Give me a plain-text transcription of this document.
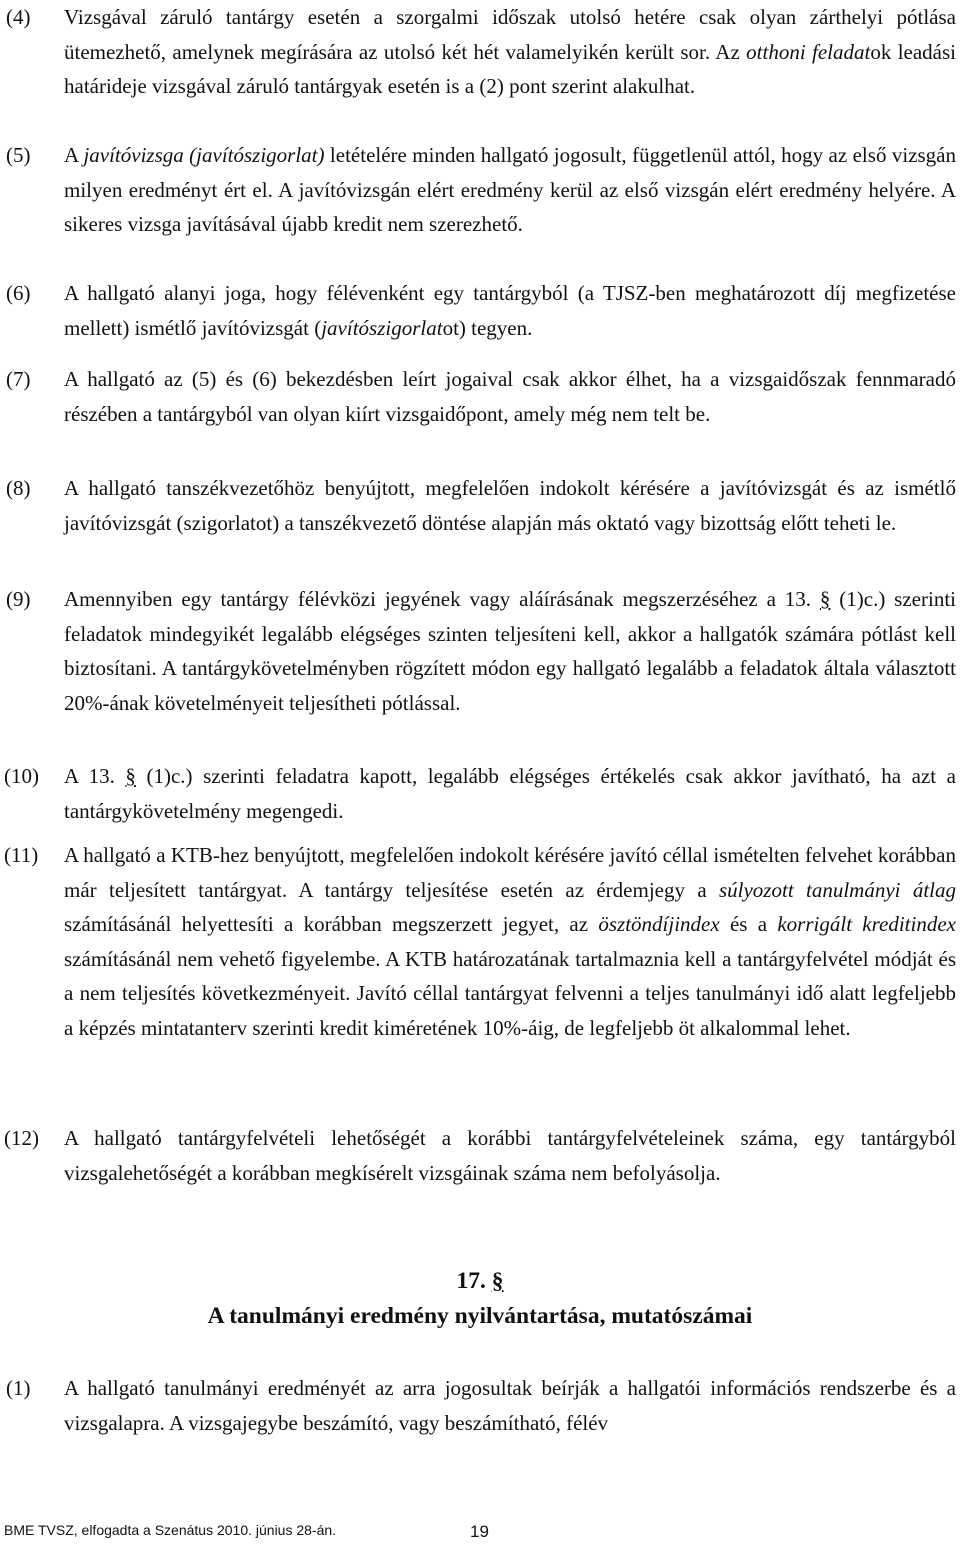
(4) Vizsgával záruló tantárgy esetén a szorgalmi időszak utolsó hetére csak olyan zárthelyi pótlása ütemezhető, amelynek megírására az utolsó két hét valamelyikén került sor. Az otthoni feladatok leadási határideje vizsgával záruló tantárgyak esetén is a (2) pont szerint alakulhat.
(5) A javítóvizsga (javítószigorlat) letételére minden hallgató jogosult, függetlenül attól, hogy az első vizsgán milyen eredményt ért el. A javítóvizsgán elért eredmény kerül az első vizsgán elért eredmény helyére. A sikeres vizsga javításával újabb kredit nem szerezhető.
(6) A hallgató alanyi joga, hogy félévenként egy tantárgyból (a TJSZ-ben meghatározott díj megfizetése mellett) ismétlő javítóvizsgát (javítószigorlatot) tegyen.
(7) A hallgató az (5) és (6) bekezdésben leírt jogaival csak akkor élhet, ha a vizsgaidőszak fennmaradó részében a tantárgyból van olyan kiírt vizsgaidőpont, amely még nem telt be.
(8) A hallgató tanszékvezetőhöz benyújtott, megfelelően indokolt kérésére a javítóvizsgát és az ismétlő javítóvizsgát (szigorlatot) a tanszékvezető döntése alapján más oktató vagy bizottság előtt teheti le.
(9) Amennyiben egy tantárgy félévközi jegyének vagy aláírásának megszerzéséhez a 13. § (1)c.) szerinti feladatok mindegyikét legalább elégséges szinten teljesíteni kell, akkor a hallgatók számára pótlást kell biztosítani. A tantárgykövetelményben rögzített módon egy hallgató legalább a feladatok általa választott 20%-ának követelményeit teljesítheti pótlással.
(10) A 13. § (1)c.) szerinti feladatra kapott, legalább elégséges értékelés csak akkor javítható, ha azt a tantárgykövetelmény megengedi.
(11) A hallgató a KTB-hez benyújtott, megfelelően indokolt kérésére javító céllal ismételten felvehet korábban már teljesített tantárgyat. A tantárgy teljesítése esetén az érdemjegy a súlyozott tanulmányi átlag számításánál helyettesíti a korábban megszerzett jegyet, az ösztöndíjindex és a korrigált kreditindex számításánál nem vehető figyelembe. A KTB határozatának tartalmaznia kell a tantárgyfelvétel módját és a nem teljesítés következményeit. Javító céllal tantárgyat felvenni a teljes tanulmányi idő alatt legfeljebb a képzés mintatanterv szerinti kredit kiméretének 10%-áig, de legfeljebb öt alkalommal lehet.
(12) A hallgató tantárgyfelvételi lehetőségét a korábbi tantárgyfelvételeinek száma, egy tantárgyból vizsgalehetőségét a korábban megkísérelt vizsgáinak száma nem befolyásolja.
17. §
A tanulmányi eredmény nyilvántartása, mutatószámai
(1) A hallgató tanulmányi eredményét az arra jogosultak beírják a hallgatói információs rendszerbe és a vizsgalapra. A vizsgajegybe beszámító, vagy beszámítható, félév
BME TVSZ, elfogadta a Szenátus 2010. június 28-án.	19
